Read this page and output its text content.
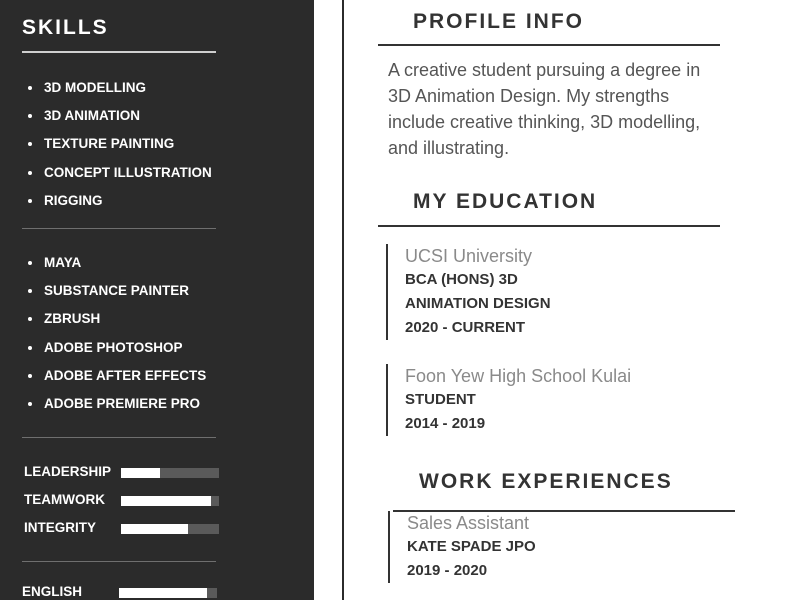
SKILLS
3D MODELLING
3D ANIMATION
TEXTURE PAINTING
CONCEPT ILLUSTRATION
RIGGING
MAYA
SUBSTANCE PAINTER
ZBRUSH
ADOBE PHOTOSHOP
ADOBE AFTER EFFECTS
ADOBE PREMIERE PRO
LEADERSHIP
TEAMWORK
INTEGRITY
ENGLISH
PROFILE INFO

A creative student pursuing a degree in 3D Animation Design. My strengths include creative thinking, 3D modelling, and illustrating.

MY EDUCATION
UCSI University
BCA (HONS) 3D
ANIMATION DESIGN
2020 - CURRENT
Foon Yew High School Kulai
STUDENT
2014 - 2019
WORK EXPERIENCES
Sales Assistant
KATE SPADE JPO
2019 - 2020
